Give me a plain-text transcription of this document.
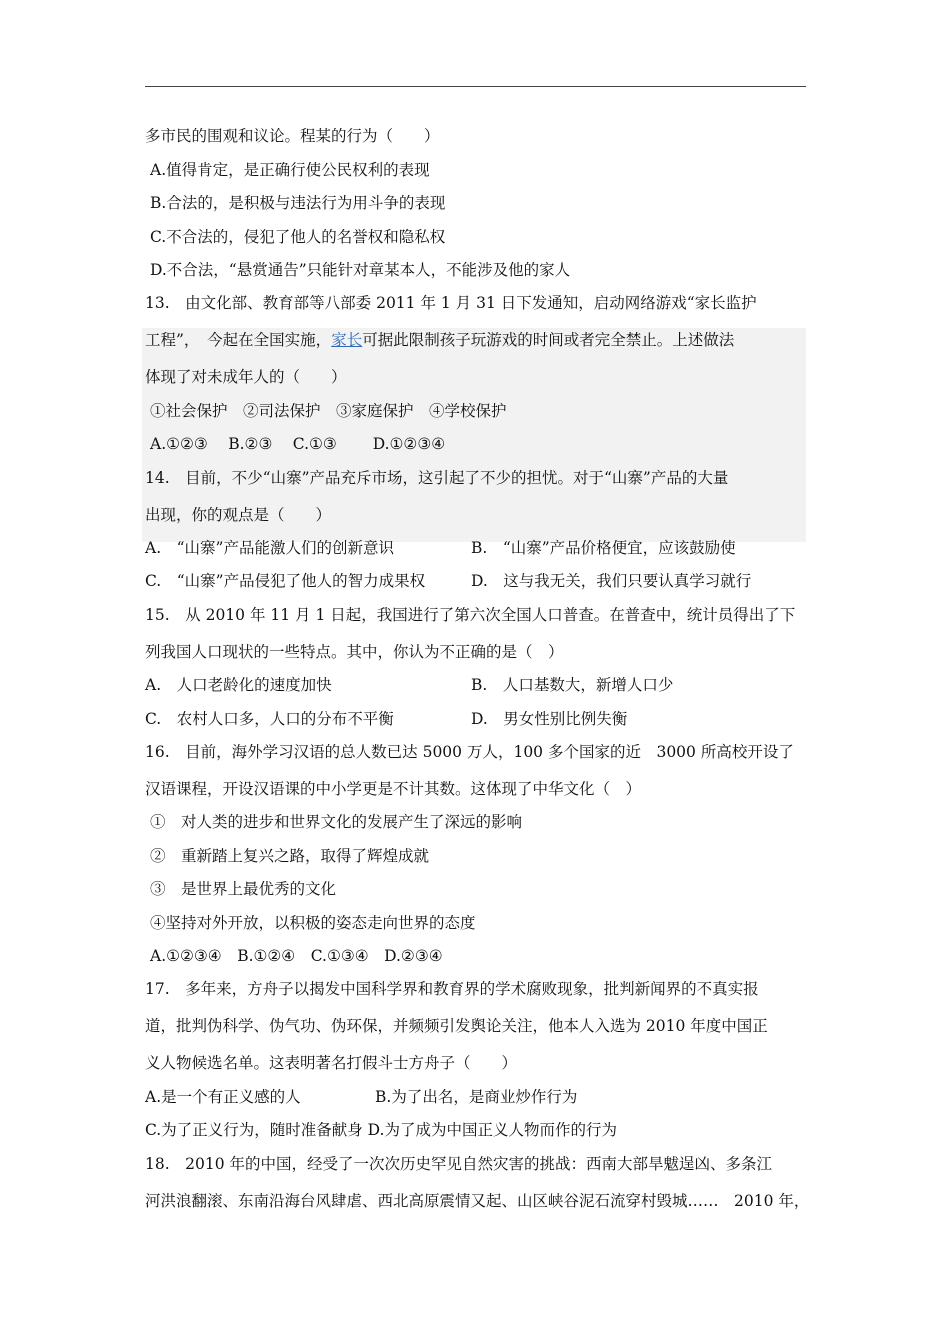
多市民的围观和议论。程某的行为（　　）
A.值得肯定，是正确行使公民权利的表现
B.合法的，是积极与违法行为用斗争的表现
C.不合法的，侵犯了他人的名誉权和隐私权
D.不合法，“悬赏通告”只能针对章某本人，不能涉及他的家人
13.　由文化部、教育部等八部委 2011 年 1 月 31 日下发通知，启动网络游戏“家长监护
工程”，　今起在全国实施，家长可据此限制孩子玩游戏的时间或者完全禁止。上述做法
体现了对未成年人的（　　）
①社会保护　②司法保护　③家庭保护　④学校保护
A.①②③　 B.②③　 C.①③　　 D.①②③④
14.　目前，不少“山寨”产品充斥市场，这引起了不少的担忧。对于“山寨”产品的大量
出现，你的观点是（　　）
A.　“山寨”产品能激人们的创新意识	B.　“山寨”产品价格便宜，应该鼓励使
C.　“山寨”产品侵犯了他人的智力成果权	D.　这与我无关，我们只要认真学习就行
15.　从 2010 年 11 月 1 日起，我国进行了第六次全国人口普查。在普查中，统计员得出了下
列我国人口现状的一些特点。其中，你认为不正确的是（　）
A.　人口老龄化的速度加快	B.　人口基数大，新增人口少
C.　农村人口多，人口的分布不平衡	D.　男女性别比例失衡
16.　目前，海外学习汉语的总人数已达 5000 万人，100 多个国家的近　3000 所高校开设了
汉语课程，开设汉语课的中小学更是不计其数。这体现了中华文化（　）
①　对人类的进步和世界文化的发展产生了深远的影响
②　重新踏上复兴之路，取得了辉煌成就
③　是世界上最优秀的文化
④坚持对外开放，以积极的姿态走向世界的态度
A.①②③④　B.①②④　C.①③④　D.②③④
17.　多年来，方舟子以揭发中国科学界和教育界的学术腐败现象，批判新闻界的不真实报
道，批判伪科学、伪气功、伪环保，并频频引发舆论关注，他本人入选为 2010 年度中国正
义人物候选名单。这表明著名打假斗士方舟子（　　）
A.是一个有正义感的人	B.为了出名，是商业炒作行为
C.为了正义行为，随时准备献身 D.为了成为中国正义人物而作的行为
18.　2010 年的中国，经受了一次次历史罕见自然灾害的挑战：西南大部旱魃逞凶、多条江
河洪浪翻滚、东南沿海台风肆虐、西北高原震情又起、山区峡谷泥石流穿村毁城……　2010 年，
